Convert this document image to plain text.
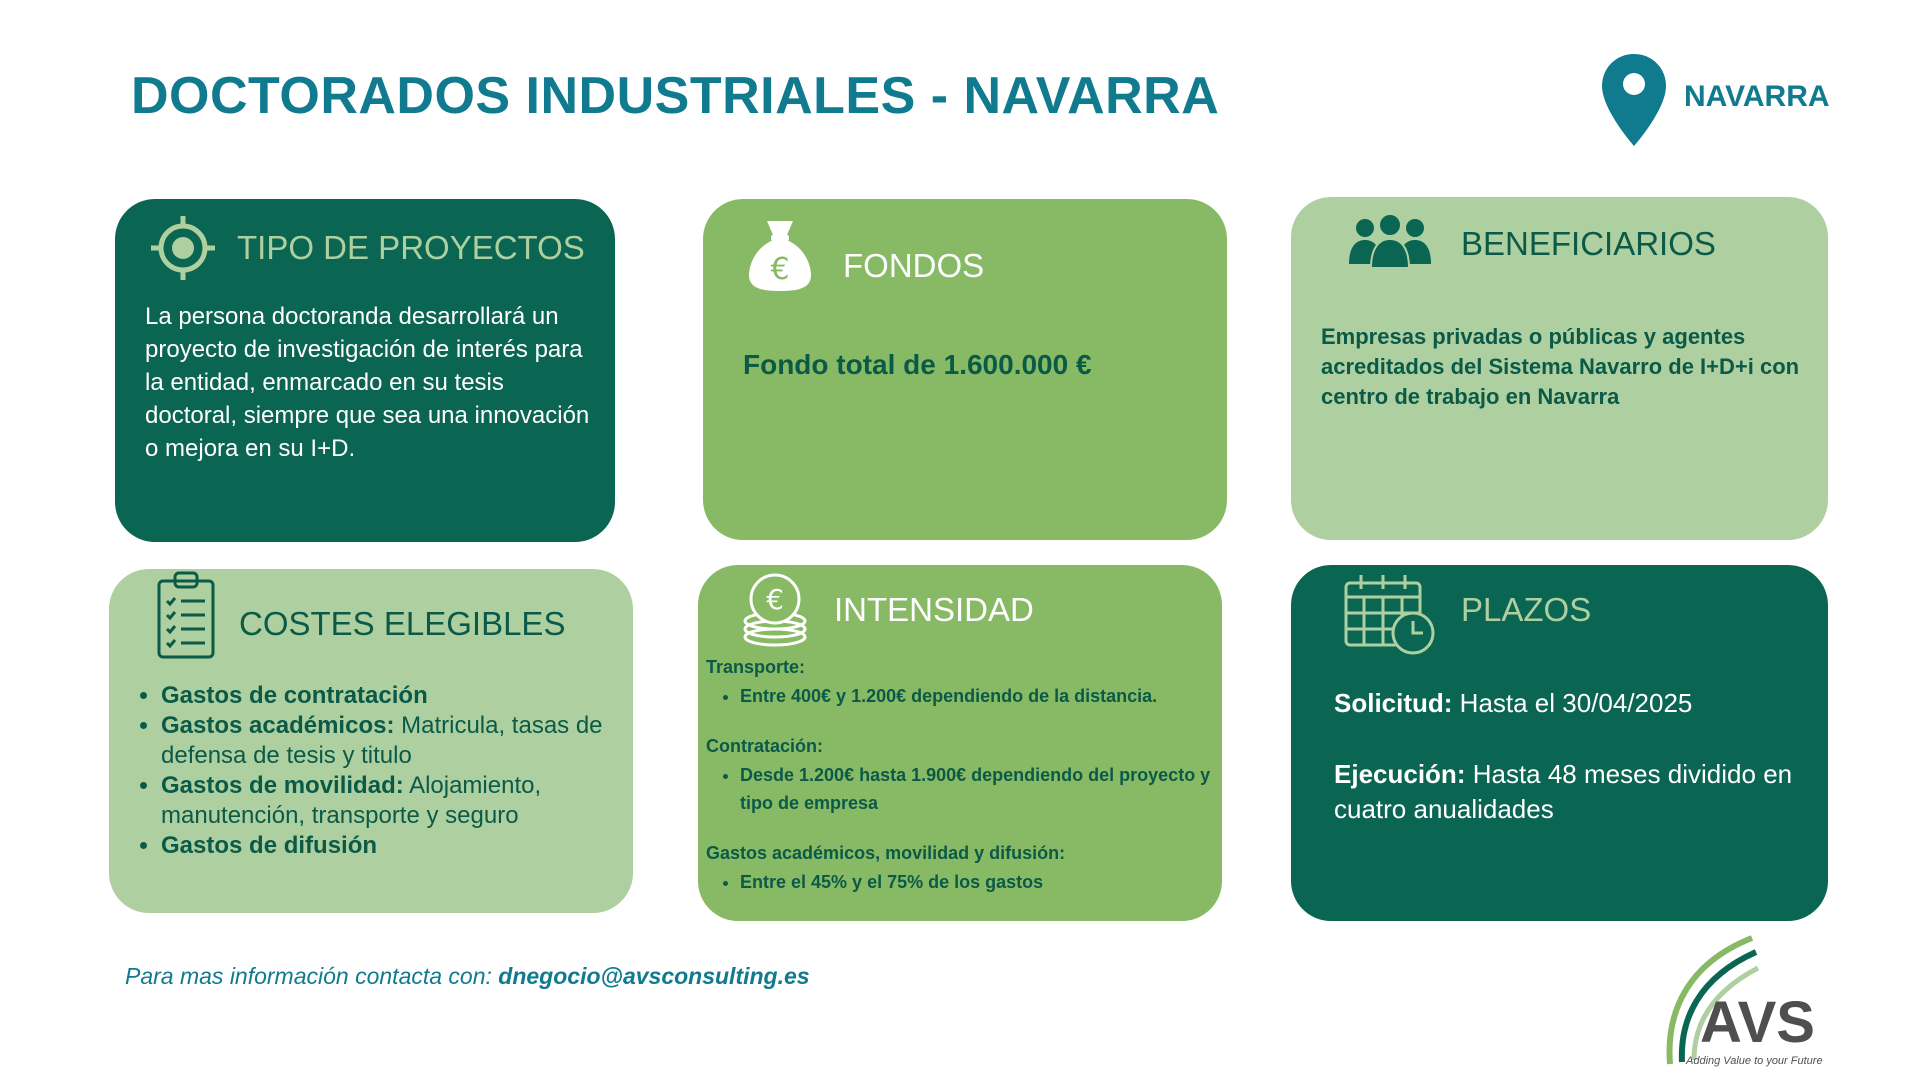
DOCTORADOS INDUSTRIALES - NAVARRA	NAVARRA
TIPO DE PROYECTOS
La persona doctoranda desarrollará un proyecto de investigación de interés para la entidad, enmarcado en su tesis doctoral, siempre que sea una innovación o mejora en su I+D.
€ FONDOS
Fondo total de 1.600.000 €
BENEFICIARIOS
Empresas privadas o públicas y agentes acreditados del Sistema Navarro de I+D+i con centro de trabajo en Navarra
COSTES ELEGIBLES
• Gastos de contratación
• Gastos académicos: Matricula, tasas de defensa de tesis y titulo
• Gastos de movilidad: Alojamiento, manutención, transporte y seguro
• Gastos de difusión
€ INTENSIDAD
Transporte:
• Entre 400€ y 1.200€ dependiendo de la distancia.
Contratación:
• Desde 1.200€ hasta 1.900€ dependiendo del proyecto y tipo de empresa
Gastos académicos, movilidad y difusión:
• Entre el 45% y el 75% de los gastos
PLAZOS
Solicitud: Hasta el 30/04/2025
Ejecución: Hasta 48 meses dividido en cuatro anualidades
Para mas información contacta con: dnegocio@avsconsulting.es
AVS
Adding Value to your Future
